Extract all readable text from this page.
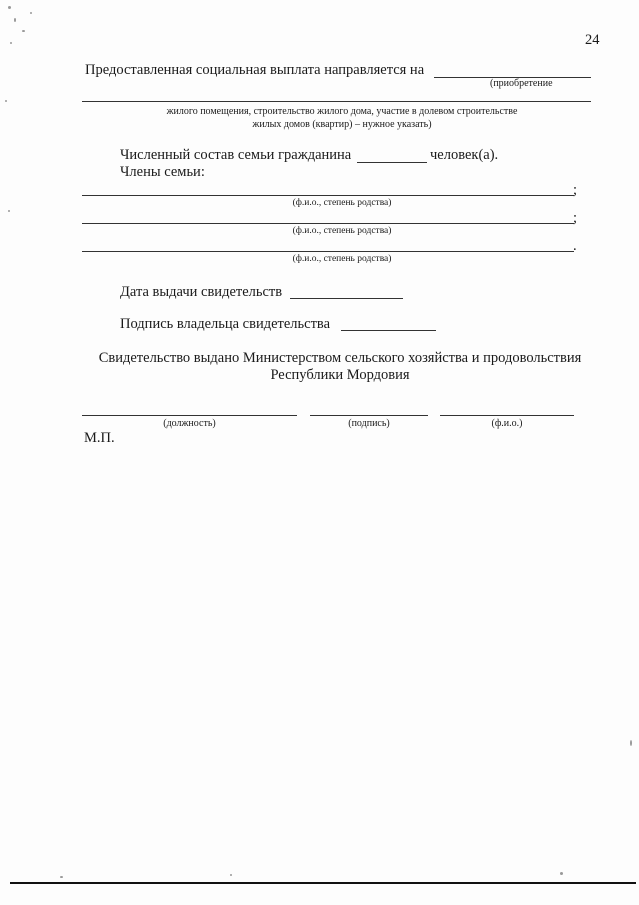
24
Предоставленная социальная выплата направляется на
(приобретение
жилого помещения, строительство жилого дома, участие в долевом строительстве
жилых домов (квартир) – нужное указать)
Численный состав семьи гражданина	человек(а).
Члены семьи:
;
(ф.и.о., степень родства)
;
(ф.и.о., степень родства)
.
(ф.и.о., степень родства)
Дата выдачи свидетельств
Подпись владельца свидетельства
Свидетельство выдано Министерством сельского хозяйства и продовольствия
Республики Мордовия
(должность)	(подпись)	(ф.и.о.)
М.П.
